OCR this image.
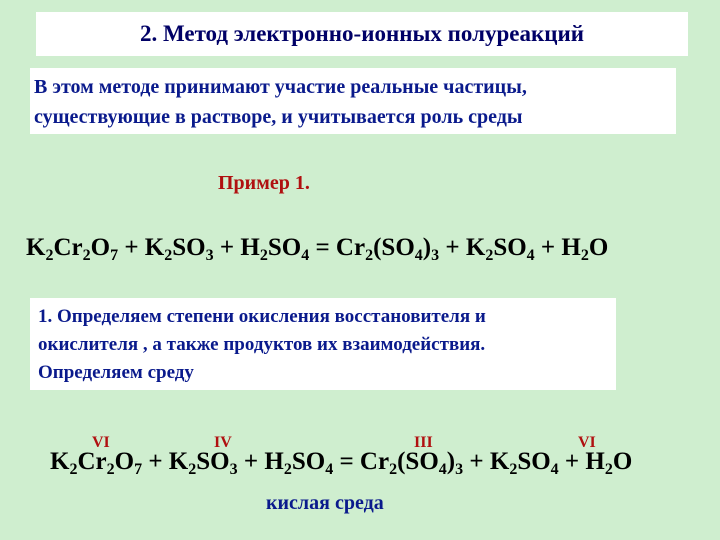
2. Метод электронно-ионных полуреакций
В этом методе принимают участие реальные частицы,
существующие в растворе, и учитывается роль среды
Пример 1.
$K_2Cr_2O_7 + K_2SO_3 + H_2SO_4 = Cr_2(SO_4)_3 + K_2SO_4 + H_2O$
1. Определяем степени окисления восстановителя и
окислителя , а также продуктов их взаимодействия.
Определяем среду
VI	IV	III	VI
$K_2Cr_2O_7 + K_2SO_3 + H_2SO_4 = Cr_2(SO_4)_3 + K_2SO_4 + H_2O$
кислая среда
